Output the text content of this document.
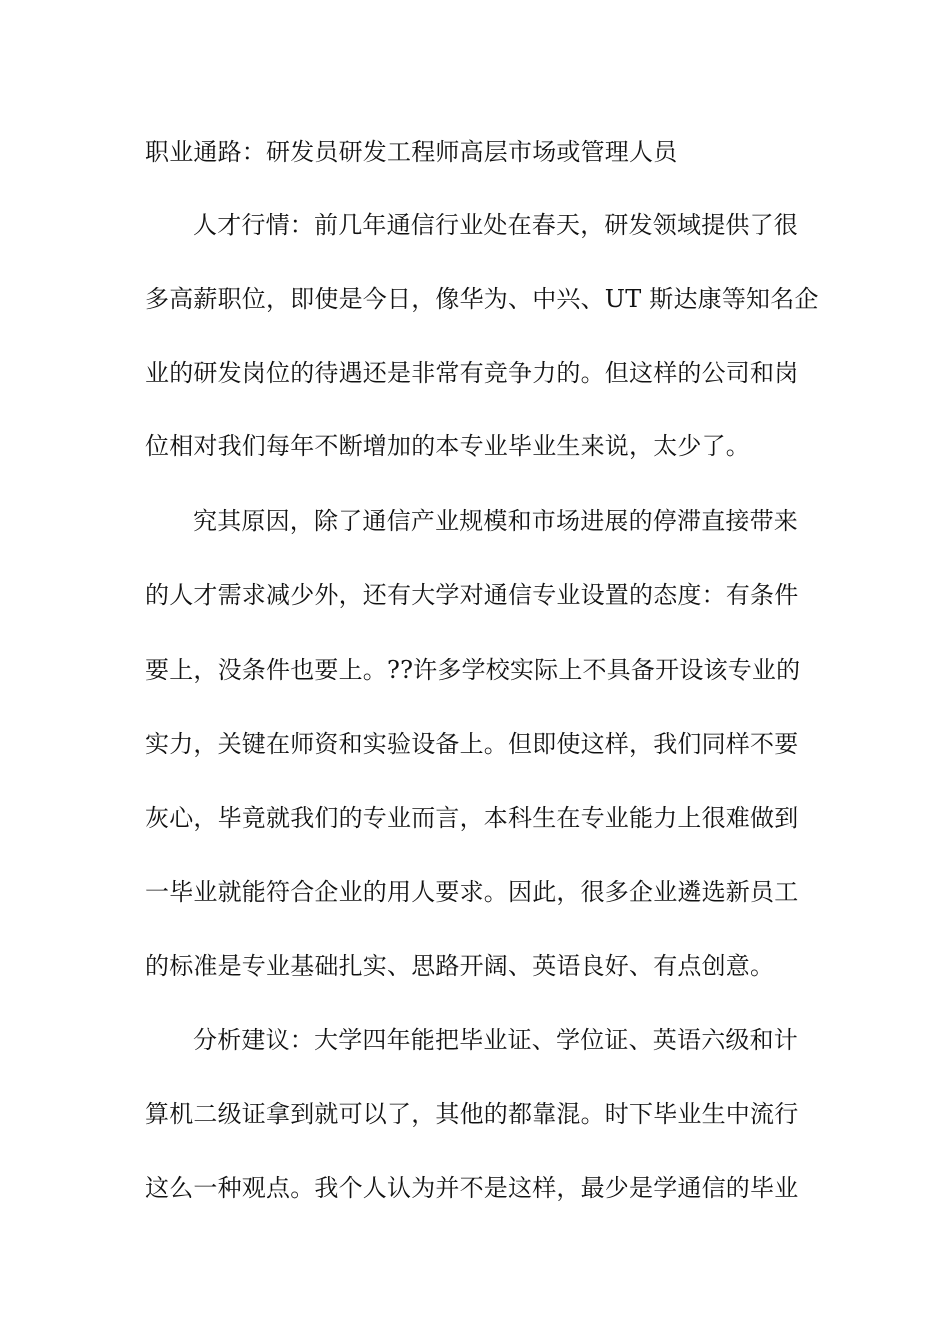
职业通路：研发员研发工程师高层市场或管理人员
人才行情：前几年通信行业处在春天，研发领域提供了很
多高薪职位，即使是今日，像华为、中兴、UT 斯达康等知名企
业的研发岗位的待遇还是非常有竞争力的。但这样的公司和岗
位相对我们每年不断增加的本专业毕业生来说，太少了。
究其原因，除了通信产业规模和市场进展的停滞直接带来
的人才需求减少外，还有大学对通信专业设置的态度：有条件
要上，没条件也要上。??许多学校实际上不具备开设该专业的
实力，关键在师资和实验设备上。但即使这样，我们同样不要
灰心，毕竟就我们的专业而言，本科生在专业能力上很难做到
一毕业就能符合企业的用人要求。因此，很多企业遴选新员工
的标准是专业基础扎实、思路开阔、英语良好、有点创意。
分析建议：大学四年能把毕业证、学位证、英语六级和计
算机二级证拿到就可以了，其他的都靠混。时下毕业生中流行
这么一种观点。我个人认为并不是这样，最少是学通信的毕业
